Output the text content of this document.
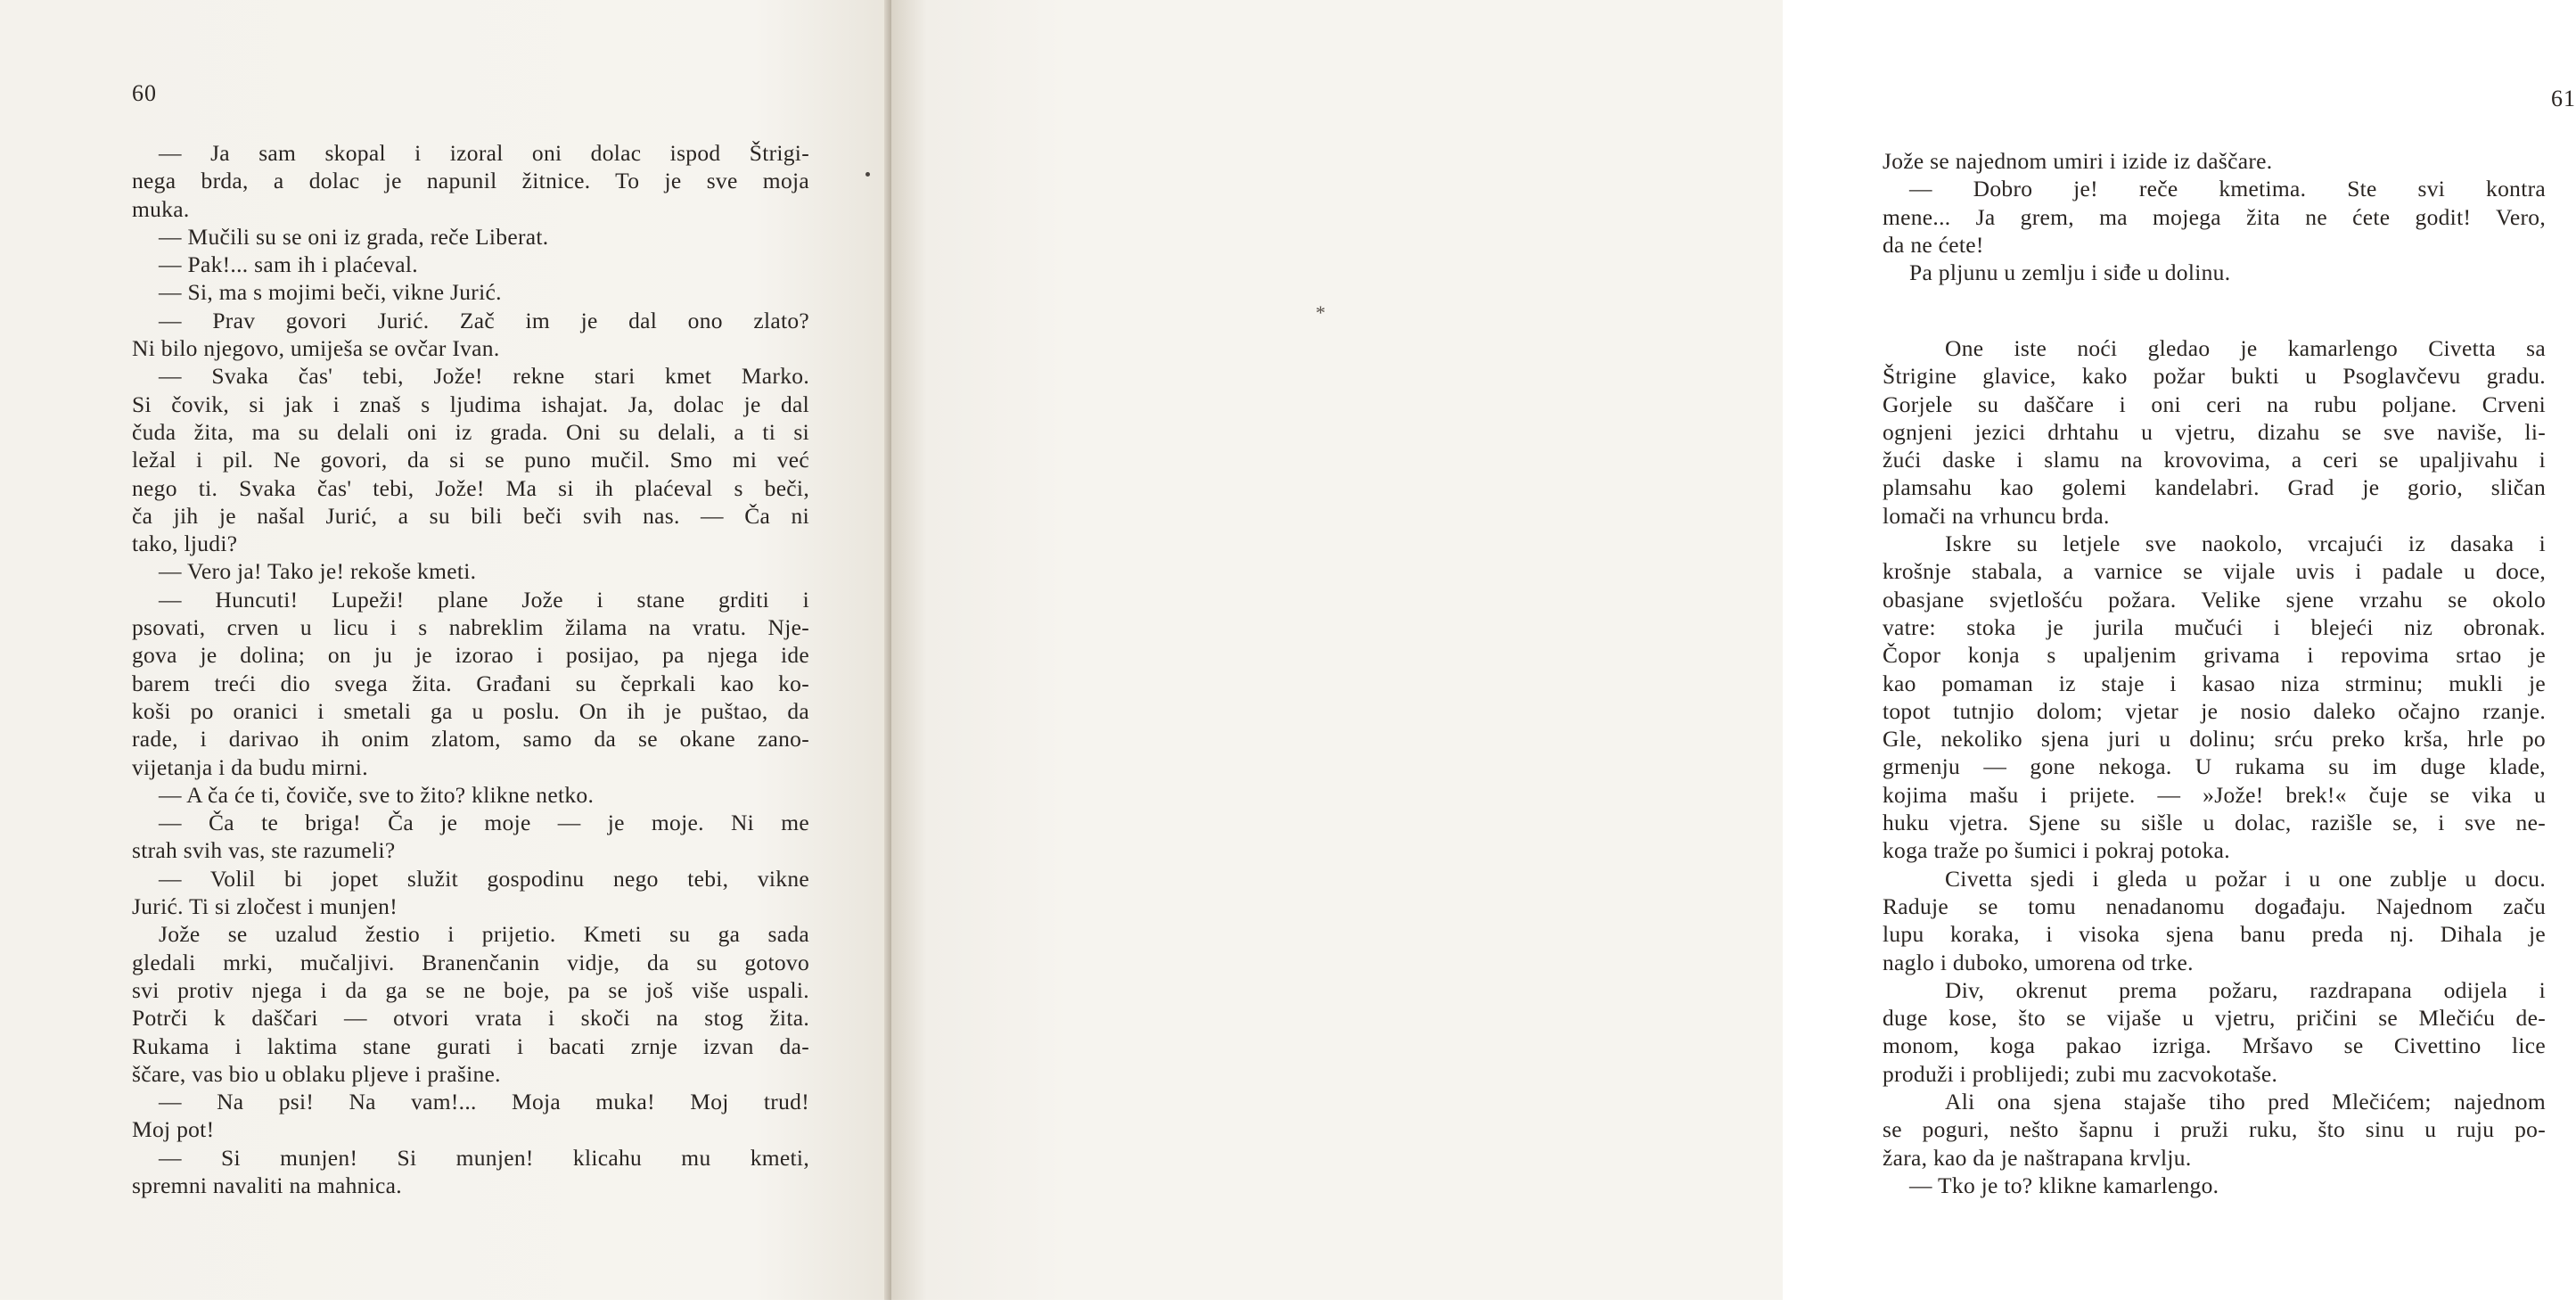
60
— Ja sam skopal i izoral oni dolac ispod Štrigi-
nega brda, a dolac je napunil žitnice. To je sve moja
muka.
— Mučili su se oni iz grada, reče Liberat.
— Pak!... sam ih i plaćeval.
— Si, ma s mojimi beči, vikne Jurić.
— Prav govori Jurić. Zač im je dal ono zlato?
Ni bilo njegovo, umiješa se ovčar Ivan.
— Svaka čas' tebi, Jože! rekne stari kmet Marko.
Si čovik, si jak i znaš s ljudima ishajat. Ja, dolac je dal
čuda žita, ma su delali oni iz grada. Oni su delali, a ti si
ležal i pil. Ne govori, da si se puno mučil. Smo mi već
nego ti. Svaka čas' tebi, Jože! Ma si ih plaćeval s beči,
ča jih je našal Jurić, a su bili beči svih nas. — Ča ni
tako, ljudi?
— Vero ja! Tako je! rekoše kmeti.
— Huncuti! Lupeži! plane Jože i stane grditi i
psovati, crven u licu i s nabreklim žilama na vratu. Nje-
gova je dolina; on ju je izorao i posijao, pa njega ide
barem treći dio svega žita. Građani su čeprkali kao ko-
koši po oranici i smetali ga u poslu. On ih je puštao, da
rade, i darivao ih onim zlatom, samo da se okane zano-
vijetanja i da budu mirni.
— A ča će ti, čoviče, sve to žito? klikne netko.
— Ča te briga! Ča je moje — je moje. Ni me
strah svih vas, ste razumeli?
— Volil bi jopet služit gospodinu nego tebi, vikne
Jurić. Ti si zločest i munjen!
Jože se uzalud žestio i prijetio. Kmeti su ga sada
gledali mrki, mučaljivi. Branenčanin vidje, da su gotovo
svi protiv njega i da ga se ne boje, pa se još više uspali.
Potrči k daščari — otvori vrata i skoči na stog žita.
Rukama i laktima stane gurati i bacati zrnje izvan da-
ščare, vas bio u oblaku pljeve i prašine.
— Na psi! Na vam!... Moja muka! Moj trud!
Moj pot!
— Si munjen! Si munjen! klicahu mu kmeti,
spremni navaliti na mahnica.
61
Jože se najednom umiri i izide iz daščare.
— Dobro je! reče kmetima. Ste svi kontra
mene... Ja grem, ma mojega žita ne ćete godit! Vero,
da ne ćete!
Pa pljunu u zemlju i siđe u dolinu.
One iste noći gledao je kamarlengo Civetta sa
Štrigine glavice, kako požar bukti u Psoglavčevu gradu.
Gorjele su daščare i oni ceri na rubu poljane. Crveni
ognjeni jezici drhtahu u vjetru, dizahu se sve naviše, li-
žući daske i slamu na krovovima, a ceri se upaljivahu i
plamsahu kao golemi kandelabri. Grad je gorio, sličan
lomači na vrhuncu brda.
Iskre su letjele sve naokolo, vrcajući iz dasaka i
krošnje stabala, a varnice se vijale uvis i padale u doce,
obasjane svjetlošću požara. Velike sjene vrzahu se okolo
vatre: stoka je jurila mučući i blejeći niz obronak.
Čopor konja s upaljenim grivama i repovima srtao je
kao pomaman iz staje i kasao niza strminu; mukli je
topot tutnjio dolom; vjetar je nosio daleko očajno rzanje.
Gle, nekoliko sjena juri u dolinu; srću preko krša, hrle po
grmenju — gone nekoga. U rukama su im duge klade,
kojima mašu i prijete. — »Jože! brek!« čuje se vika u
huku vjetra. Sjene su sišle u dolac, razišle se, i sve ne-
koga traže po šumici i pokraj potoka.
Civetta sjedi i gleda u požar i u one zublje u docu.
Raduje se tomu nenadanomu događaju. Najednom začu
lupu koraka, i visoka sjena banu preda nj. Dihala je
naglo i duboko, umorena od trke.
Div, okrenut prema požaru, razdrapana odijela i
duge kose, što se vijaše u vjetru, pričini se Mlečiću de-
monom, koga pakao izriga. Mršavo se Civettino lice
produži i problijedi; zubi mu zacvokotaše.
Ali ona sjena stajaše tiho pred Mlečićem; najednom
se poguri, nešto šapnu i pruži ruku, što sinu u ruju po-
žara, kao da je naštrapana krvlju.
— Tko je to? klikne kamarlengo.
*
